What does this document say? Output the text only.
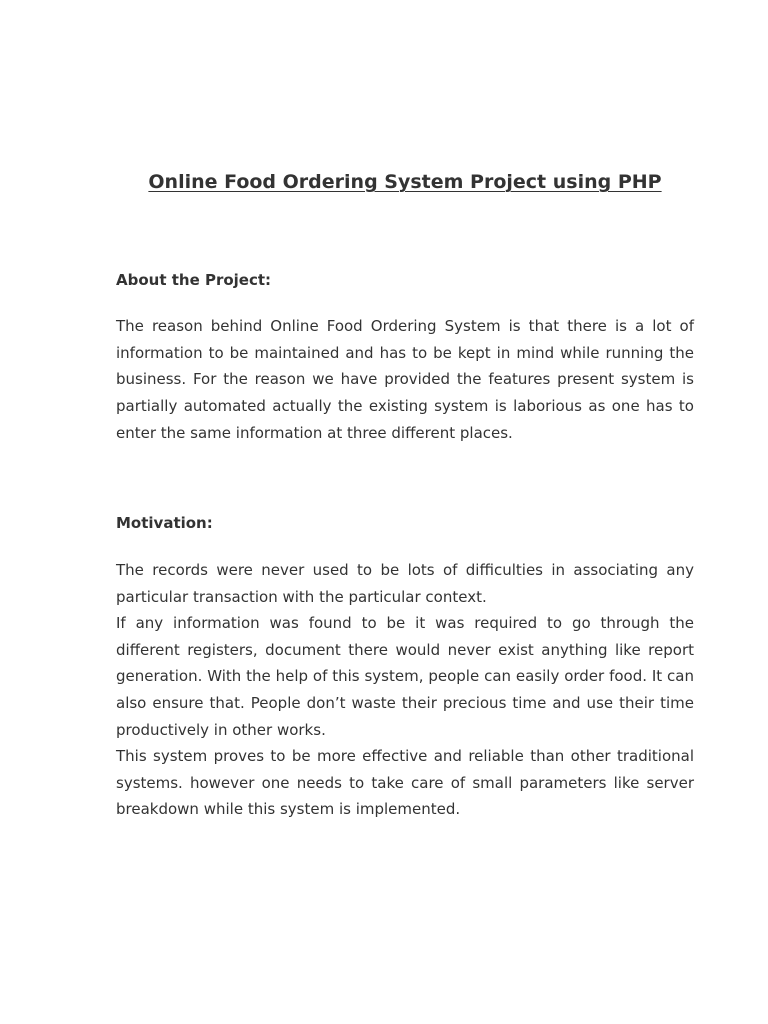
Online Food Ordering System Project using PHP
About the Project:

The reason behind Online Food Ordering System is that there is a lot of information to be maintained and has to be kept in mind while running the business. For the reason we have provided the features present system is partially automated actually the existing system is laborious as one has to enter the same information at three different places.

Motivation:

The records were never used to be lots of difficulties in associating any particular transaction with the particular context.

If any information was found to be it was required to go through the different registers, document there would never exist anything like report generation. With the help of this system, people can easily order food. It can also ensure that. People don’t waste their precious time and use their time productively in other works.

This system proves to be more effective and reliable than other traditional systems. however one needs to take care of small parameters like server breakdown while this system is implemented.
